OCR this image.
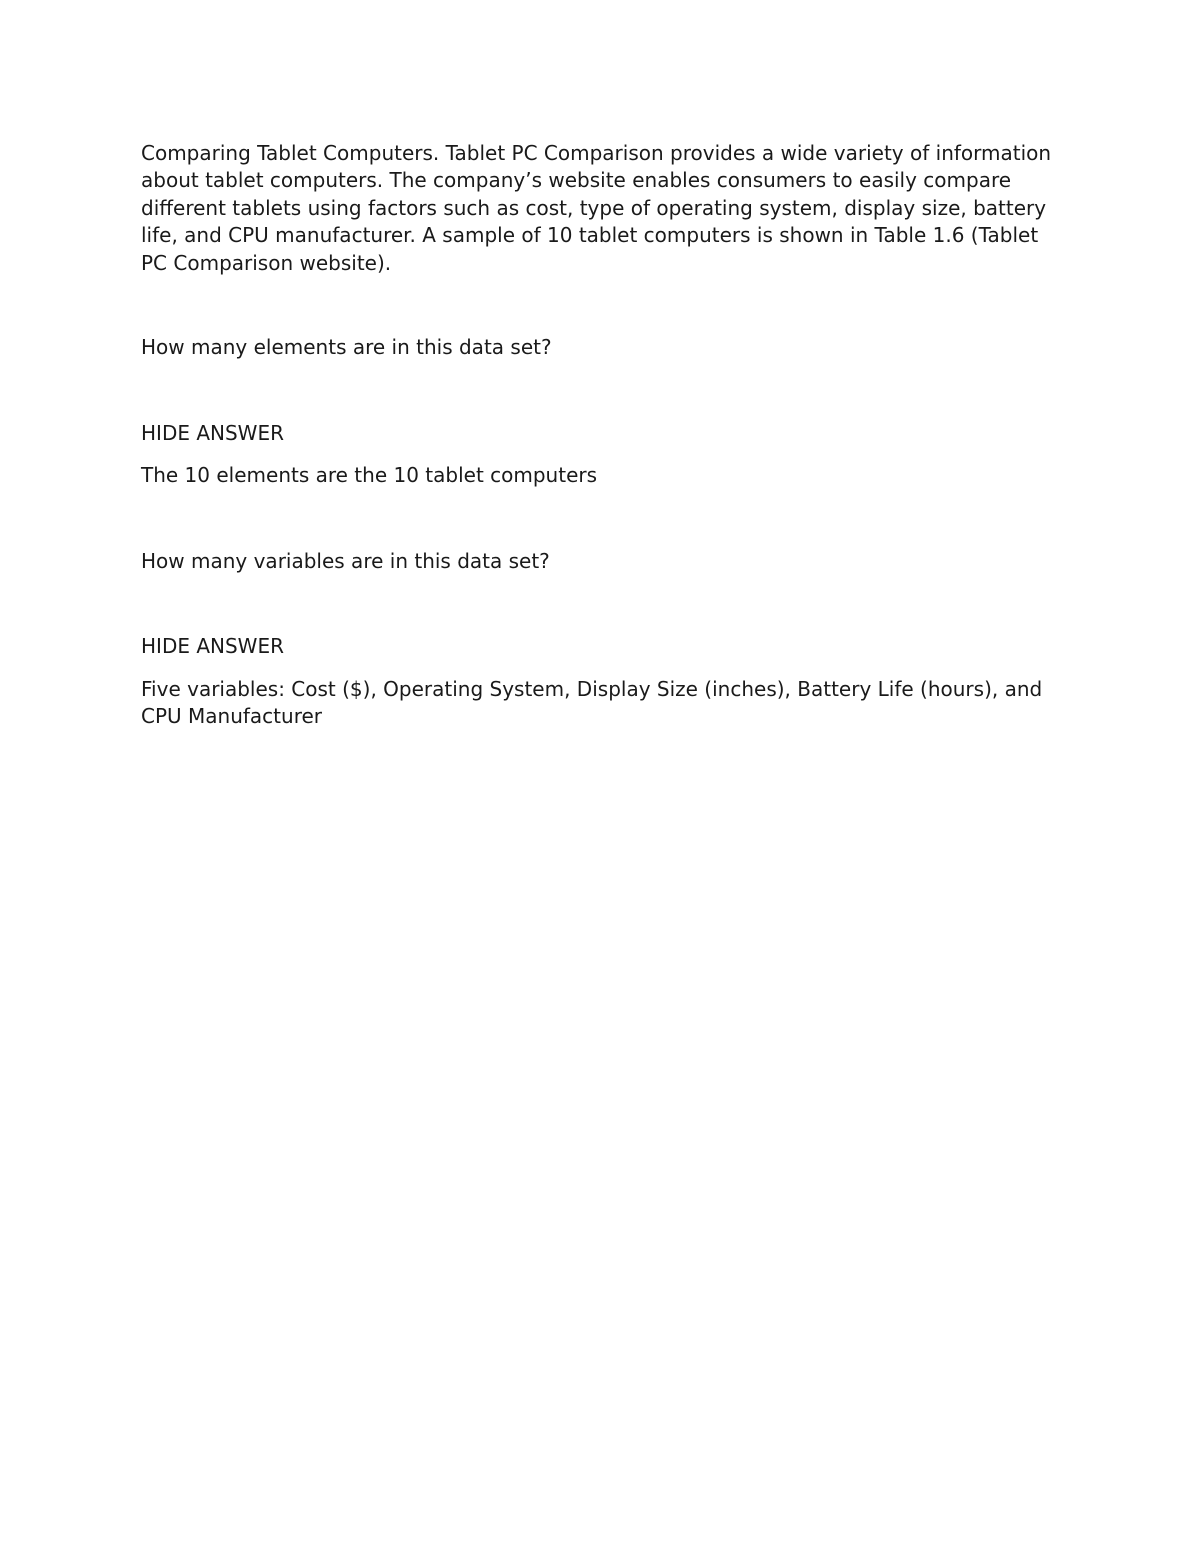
Comparing Tablet Computers. Tablet PC Comparison provides a wide variety of information about tablet computers. The company’s website enables consumers to easily compare different tablets using factors such as cost, type of operating system, display size, battery life, and CPU manufacturer. A sample of 10 tablet computers is shown in Table 1.6 (Tablet PC Comparison website).

How many elements are in this data set?

HIDE ANSWER

The 10 elements are the 10 tablet computers

How many variables are in this data set?

HIDE ANSWER

Five variables: Cost ($), Operating System, Display Size (inches), Battery Life (hours), and CPU Manufacturer
